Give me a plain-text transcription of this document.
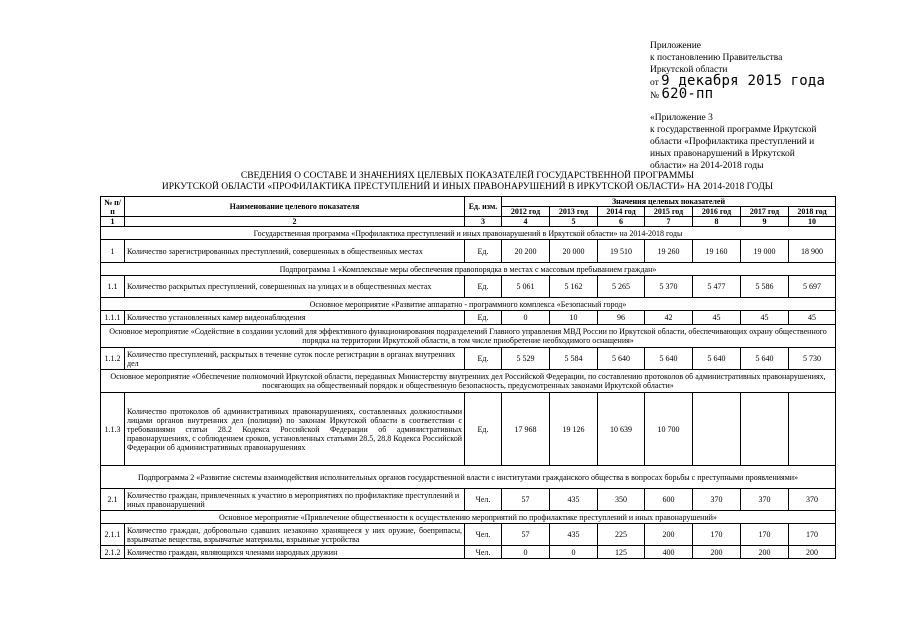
Приложение
к постановлению Правительства
Иркутской области
от 9 декабря 2015 года
№ 620-пп
«Приложение 3
к государственной программе Иркутской
области «Профилактика преступлений и
иных правонарушений в Иркутской
области» на 2014-2018 годы
СВЕДЕНИЯ О СОСТАВЕ И ЗНАЧЕНИЯХ ЦЕЛЕВЫХ ПОКАЗАТЕЛЕЙ ГОСУДАРСТВЕННОЙ ПРОГРАММЫ
ИРКУТСКОЙ ОБЛАСТИ «ПРОФИЛАКТИКА ПРЕСТУПЛЕНИЙ И ИНЫХ ПРАВОНАРУШЕНИЙ В ИРКУТСКОЙ ОБЛАСТИ» НА 2014-2018 ГОДЫ
№ п/п	Наименование целевого показателя	Ед. изм.	Значения целевых показателей						
			2012 год	2013 год	2014 год	2015 год	2016 год	2017 год	2018 год
1	2	3	4	5	6	7	8	9	10
Государственная программа «Профилактика преступлений и иных правонарушений в Иркутской области» на 2014-2018 годы									
1	Количество зарегистрированных преступлений, совершенных в общественных местах	Ед.	20 200	20 000	19 510	19 260	19 160	19 000	18 900
Подпрограмма 1 «Комплексные меры обеспечения правопорядка в местах с массовым пребыванием граждан»									
1.1	Количество раскрытых преступлений, совершенных на улицах и в общественных местах	Ед.	5 061	5 162	5 265	5 370	5 477	5 586	5 697
Основное мероприятие «Развитие аппаратно - программного комплекса «Безопасный город»									
1.1.1	Количество установленных камер видеонаблюдения	Ед.	0	10	96	42	45	45	45
Основное мероприятие «Содействие в создании условий для эффективного функционирования подразделений Главного управления МВД России по Иркутской области, обеспечивающих охрану общественного порядка на территории Иркутской области, в том числе приобретение необходимого оснащения»									
1.1.2	Количество преступлений, раскрытых в течение суток после регистрации в органах внутренних дел	Ед.	5 529	5 584	5 640	5 640	5 640	5 640	5 730
Основное мероприятие «Обеспечение полномочий Иркутской области, переданных Министерству внутренних дел Российской Федерации, по составлению протоколов об административных правонарушениях, посягающих на общественный порядок и общественную безопасность, предусмотренных законами Иркутской области»									
1.1.3	Количество протоколов об административных правонарушениях, составленных должностными лицами органов внутренних дел (полиции) по законам Иркутской области в соответствии с требованиями статьи 28.2 Кодекса Российской Федерации об административных правонарушениях, с соблюдением сроков, установленных статьями 28.5, 28.8 Кодекса Российской Федерации об административных правонарушениях	Ед.	17 968	19 126	10 639	10 700			
Подпрограмма 2 «Развитие системы взаимодействия исполнительных органов государственной власти с институтами гражданского общества в вопросах борьбы с преступными проявлениями»									
2.1	Количество граждан, привлеченных к участию в мероприятиях по профилактике преступлений и иных правонарушений	Чел.	57	435	350	600	370	370	370
Основное мероприятие «Привлечение общественности к осуществлению мероприятий по профилактике преступлений и иных правонарушений»									
2.1.1	Количество граждан, добровольно сдавших незаконно хранящееся у них оружие, боеприпасы, взрывчатые вещества, взрывчатые материалы, взрывные устройства	Чел.	57	435	225	200	170	170	170
2.1.2	Количество граждан, являющихся членами народных дружин	Чел.	0	0	125	400	200	200	200
